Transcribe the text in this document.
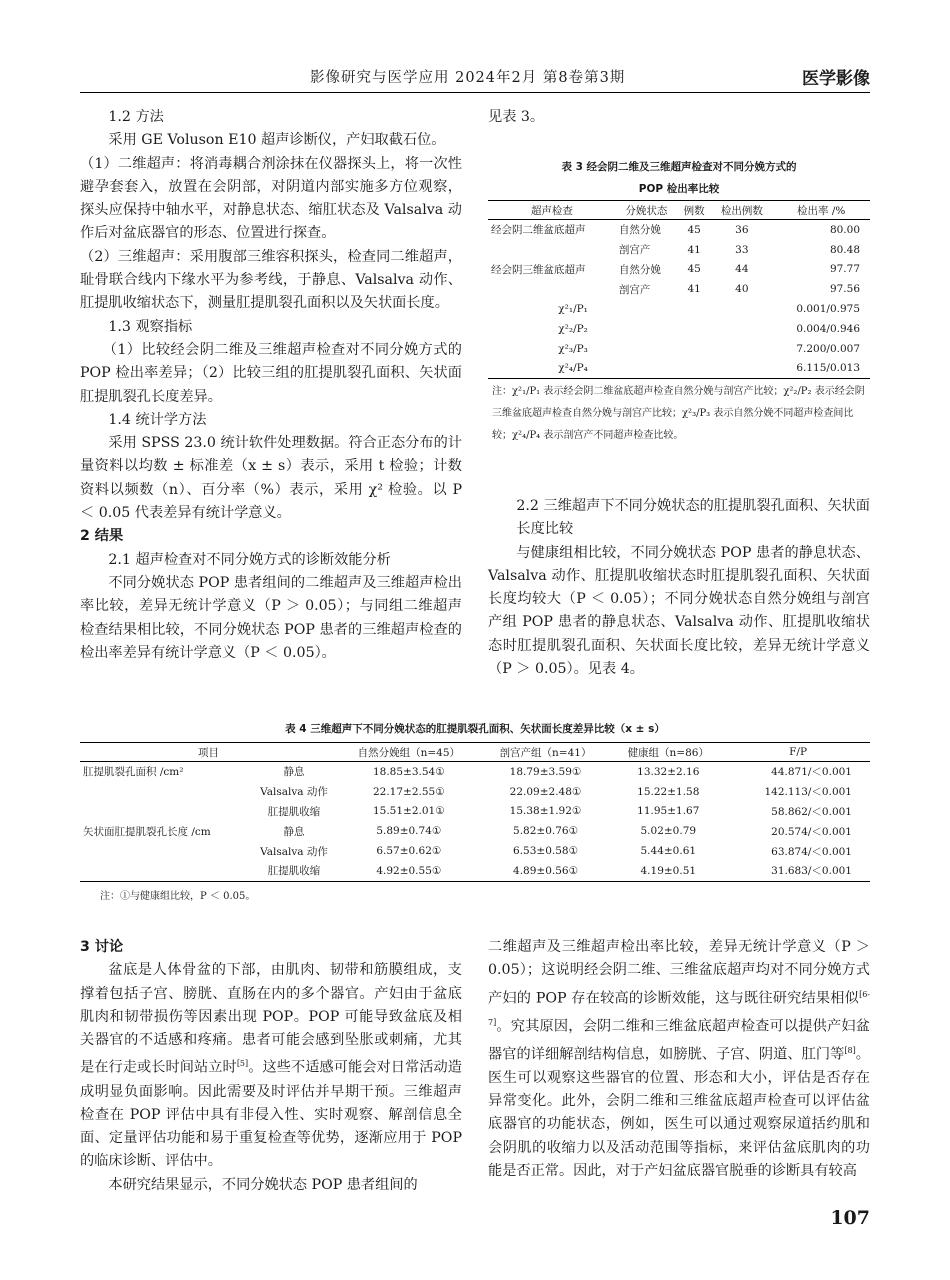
影像研究与医学应用 2024年2月 第8卷第3期	医学影像
1.2 方法

采用 GE Voluson E10 超声诊断仪，产妇取截石位。

（1）二维超声：将消毒耦合剂涂抹在仪器探头上，将一次性避孕套套入，放置在会阴部，对阴道内部实施多方位观察，探头应保持中轴水平，对静息状态、缩肛状态及 Valsalva 动作后对盆底器官的形态、位置进行探查。

（2）三维超声：采用腹部三维容积探头，检查同二维超声，耻骨联合线内下缘水平为参考线，于静息、Valsalva 动作、肛提肌收缩状态下，测量肛提肌裂孔面积以及矢状面长度。

1.3 观察指标

（1）比较经会阴二维及三维超声检查对不同分娩方式的 POP 检出率差异；（2）比较三组的肛提肌裂孔面积、矢状面肛提肌裂孔长度差异。

1.4 统计学方法

采用 SPSS 23.0 统计软件处理数据。符合正态分布的计量资料以均数 ± 标准差（x ± s）表示，采用 t 检验；计数资料以频数（n）、百分率（%）表示，采用 χ² 检验。以 P ＜ 0.05 代表差异有统计学意义。

2 结果
2.1 超声检查对不同分娩方式的诊断效能分析

不同分娩状态 POP 患者组间的二维超声及三维超声检出率比较，差异无统计学意义（P ＞ 0.05）；与同组二维超声检查结果相比较，不同分娩状态 POP 患者的三维超声检查的检出率差异有统计学意义（P ＜ 0.05）。

见表 3。

表 3 经会阴二维及三维超声检查对不同分娩方式的
POP 检出率比较
超声检查	分娩状态	例数	检出例数	检出率 /%
经会阴二维盆底超声	自然分娩	45	36	80.00
	剖宫产	41	33	80.48
经会阴三维盆底超声	自然分娩	45	44	97.77
	剖宫产	41	40	97.56
χ²₁/P₁				0.001/0.975
χ²₂/P₂				0.004/0.946
χ²₃/P₃				7.200/0.007
χ²₄/P₄				6.115/0.013
注：χ²₁/P₁ 表示经会阴二维盆底超声检查自然分娩与剖宫产比较；χ²₂/P₂ 表示经会阴三维盆底超声检查自然分娩与剖宫产比较；χ²₃/P₃ 表示自然分娩不同超声检查间比较；χ²₄/P₄ 表示剖宫产不同超声检查比较。
2.2 三维超声下不同分娩状态的肛提肌裂孔面积、矢状面长度比较

与健康组相比较，不同分娩状态 POP 患者的静息状态、Valsalva 动作、肛提肌收缩状态时肛提肌裂孔面积、矢状面长度均较大（P ＜ 0.05）；不同分娩状态自然分娩组与剖宫产组 POP 患者的静息状态、Valsalva 动作、肛提肌收缩状态时肛提肌裂孔面积、矢状面长度比较，差异无统计学意义（P ＞ 0.05）。见表 4。

表 4 三维超声下不同分娩状态的肛提肌裂孔面积、矢状面长度差异比较（x ± s）
项目		自然分娩组（n=45）	剖宫产组（n=41）	健康组（n=86）	F/P
肛提肌裂孔面积 /cm²	静息	18.85±3.54①	18.79±3.59①	13.32±2.16	44.871/＜0.001
	Valsalva 动作	22.17±2.55①	22.09±2.48①	15.22±1.58	142.113/＜0.001
	肛提肌收缩	15.51±2.01①	15.38±1.92①	11.95±1.67	58.862/＜0.001
矢状面肛提肌裂孔长度 /cm	静息	5.89±0.74①	5.82±0.76①	5.02±0.79	20.574/＜0.001
	Valsalva 动作	6.57±0.62①	6.53±0.58①	5.44±0.61	63.874/＜0.001
	肛提肌收缩	4.92±0.55①	4.89±0.56①	4.19±0.51	31.683/＜0.001
注：①与健康组比较，P ＜ 0.05。
3 讨论

盆底是人体骨盆的下部，由肌肉、韧带和筋膜组成，支撑着包括子宫、膀胱、直肠在内的多个器官。产妇由于盆底肌肉和韧带损伤等因素出现 POP。POP 可能导致盆底及相关器官的不适感和疼痛。患者可能会感到坠胀或刺痛，尤其是在行走或长时间站立时[5]。这些不适感可能会对日常活动造成明显负面影响。因此需要及时评估并早期干预。三维超声检查在 POP 评估中具有非侵入性、实时观察、解剖信息全面、定量评估功能和易于重复检查等优势，逐渐应用于 POP 的临床诊断、评估中。

本研究结果显示，不同分娩状态 POP 患者组间的

二维超声及三维超声检出率比较，差异无统计学意义（P ＞ 0.05）；这说明经会阴二维、三维盆底超声均对不同分娩方式产妇的 POP 存在较高的诊断效能，这与既往研究结果相似[6-7]。究其原因，会阴二维和三维盆底超声检查可以提供产妇盆器官的详细解剖结构信息，如膀胱、子宫、阴道、肛门等[8]。医生可以观察这些器官的位置、形态和大小，评估是否存在异常变化。此外，会阴二维和三维盆底超声检查可以评估盆底器官的功能状态，例如，医生可以通过观察尿道括约肌和会阴肌的收缩力以及活动范围等指标，来评估盆底肌肉的功能是否正常。因此，对于产妇盆底器官脱垂的诊断具有较高

107
